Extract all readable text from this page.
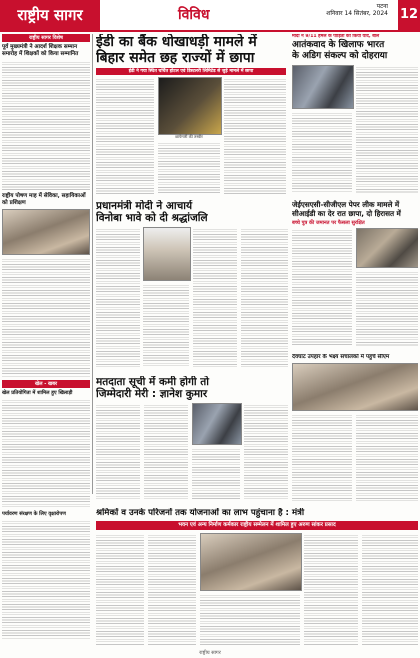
राष्ट्रीय सागर	विविध
पटना
शनिवार 14 सितंबर, 2024 12
राष्ट्रीय सागर विशेष
पूर्व मुख्यमंत्री ने आदर्श शिक्षक सम्मान समारोह में शिक्षकों को किया सम्मानित
राष्ट्रीय पोषण माह में सेविका, सहायिकाओं को प्रशिक्षण
खेल - खबर
खेल प्रतियोगिता में शामिल हुए खिलाड़ी
पर्यावरण संरक्षण के लिए वृक्षारोपण
ईडी का बैंक धोखाधड़ी मामले में
बिहार समेत छह राज्यों में छापा
ईडी ने गया स्थित चर्चित होटल एवं डिस्टलरी लिमिटेड से जुड़े मामले में छापा
छापेमारी की तस्वीर
प्रधानमंत्री मोदी ने आचार्य
विनोबा भावे को दी श्रद्धांजलि
मतदाता सूची में कमी होगी तो
जिम्मेदारी मेरी : ज्ञानेश कुमार
मोदी ने 9/11 हमले के पीड़ितों को किया याद, बोले
आतंकवाद के खिलाफ भारत
के अडिग संकल्प को दोहराया
जेईएसएसी-सीजीएल पेपर लीक मामले में
सीआईडी का देर रात छापा, दो हिरासत में
बच्चे पुत्र की जमानत पर फैसला सुरक्षित
देवघाट उपहार के भक्ष्य सचालकों में पहुंचे सीएम
श्रमिकों व उनके परिजनों तक योजनाओं का लाभ पहुंचाना है : मंत्री
भवन एवं अन्य निर्माण कर्मकार राष्ट्रीय सम्मेलन में शामिल हुए अरुण सांकर प्रसाद
राष्ट्रीय सागर
